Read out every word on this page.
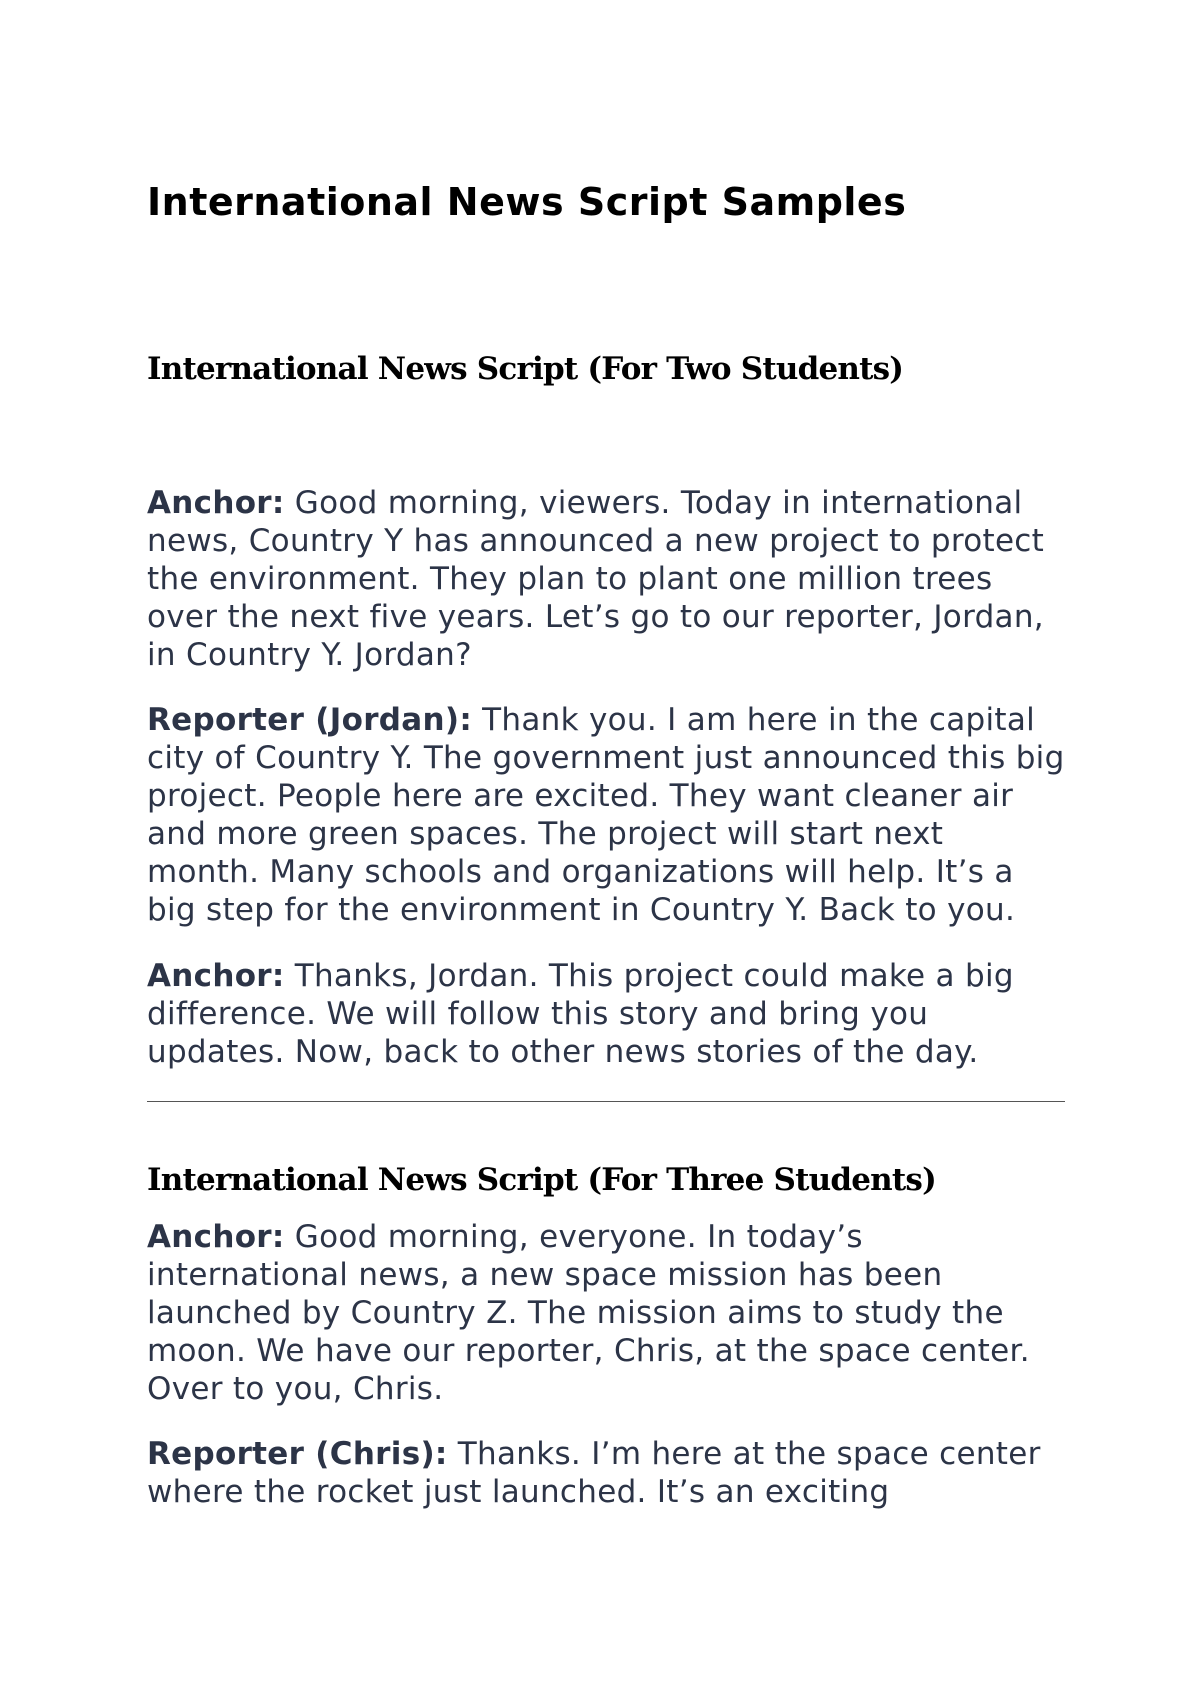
International News Script Samples
International News Script (For Two Students)

Anchor: Good morning, viewers. Today in international news, Country Y has announced a new project to protect the environment. They plan to plant one million trees over the next five years. Let’s go to our reporter, Jordan, in Country Y. Jordan?

Reporter (Jordan): Thank you. I am here in the capital city of Country Y. The government just announced this big project. People here are excited. They want cleaner air and more green spaces. The project will start next month. Many schools and organizations will help. It’s a big step for the environment in Country Y. Back to you.

Anchor: Thanks, Jordan. This project could make a big difference. We will follow this story and bring you updates. Now, back to other news stories of the day.

International News Script (For Three Students)

Anchor: Good morning, everyone. In today’s international news, a new space mission has been launched by Country Z. The mission aims to study the moon. We have our reporter, Chris, at the space center. Over to you, Chris.

Reporter (Chris): Thanks. I’m here at the space center where the rocket just launched. It’s an exciting
